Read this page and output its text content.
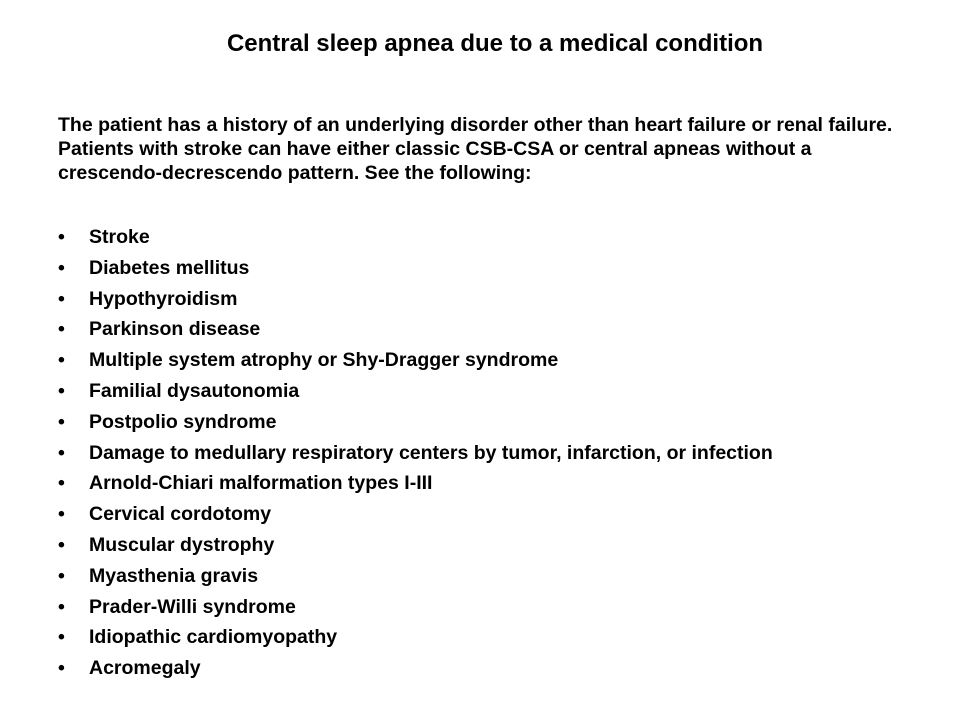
Central sleep apnea due to a medical condition

The patient has a history of an underlying disorder other than heart failure or renal failure. Patients with stroke can have either classic CSB-CSA or central apneas without a crescendo-decrescendo pattern. See the following:

•	Stroke
•	Diabetes mellitus
•	Hypothyroidism
•	Parkinson disease
•	Multiple system atrophy or Shy-Dragger syndrome
•	Familial dysautonomia
•	Postpolio syndrome
•	Damage to medullary respiratory centers by tumor, infarction, or infection
•	Arnold-Chiari malformation types I-III
•	Cervical cordotomy
•	Muscular dystrophy
•	Myasthenia gravis
•	Prader-Willi syndrome
•	Idiopathic cardiomyopathy
•	Acromegaly
